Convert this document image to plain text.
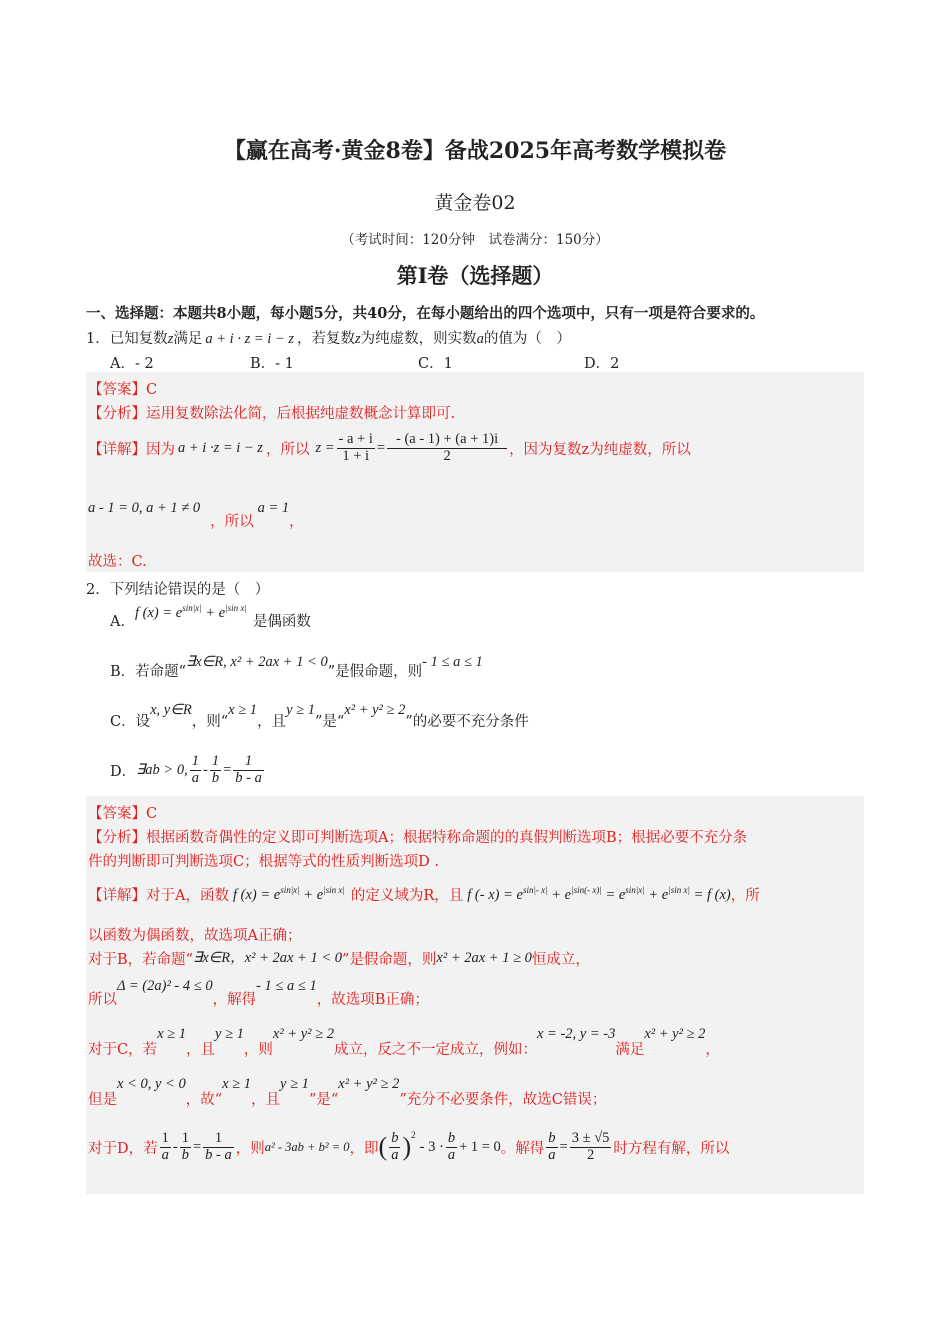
【赢在高考·黄金8卷】备战2025年高考数学模拟卷
黄金卷02
（考试时间：120分钟　试卷满分：150分）
第I卷（选择题）
一、选择题：本题共8小题，每小题5分，共40分，在每小题给出的四个选项中，只有一项是符合要求的。
1．已知复数z满足 a + i · z = i − z ，若复数z为纯虚数，则实数a的值为（　）
A．- 2	B．- 1	C．1	D．2
【答案】C
【分析】运用复数除法化简，后根据纯虚数概念计算即可.
【详解】 因为 a + i ·z = i − z ，所以 $z = \frac{- a + i}{1 + i} = \frac{- (a - 1) + (a + 1)i}{2}$ ，因为复数z为纯虚数，所以
a - 1 = 0, a + 1 ≠ 0，所以a = 1，
故选：C.
2．下列结论错误的是（　）
A．
f $(x) = e^{sin|x|} + e^{|sin x|}$
是偶函数
B．若命题“
∃x∈R, x² + 2ax + 1 < 0
”是假命题，则
- 1 ≤ a ≤ 1
C．设
x, y∈R
，则“
x ≥ 1
，且
y ≥ 1
”是“
x² + y² ≥ 2
”的必要不充分条件
D． ∃ab > 0, $\frac{1}{a} - \frac{1}{b} = \frac{1}{b - a}$
【答案】C
【分析】根据函数奇偶性的定义即可判断选项A；根据特称命题的的真假判断选项B；根据必要不充分条
件的判断即可判断选项C；根据等式的性质判断选项D .
【详解】 对于A，函数 f $(x) = e^{sin|x|} + e^{|sin x|}$ 的定义域为R，且 f (- $x) = e^{sin|- x|} + e^{|sin(- x)|} = e^{sin|x|} + e^{|sin x|} = f$ (x) ，所
以函数为偶函数，故选项A正确；
对于B，若命题“∃x∈R，x² + 2ax + 1 < 0”是假命题，则x² + 2ax + 1 ≥ 0恒成立，
所以Δ = (2a)² - 4 ≤ 0，解得- 1 ≤ a ≤ 1，故选项B正确；
对于C，若x ≥ 1，且y ≥ 1，则x² + y² ≥ 2成立，反之不一定成立，例如：x = -2, y = -3满足x² + y² ≥ 2，
但是x < 0, y < 0，故“x ≥ 1，且y ≥ 1”是“x² + y² ≥ 2”充分不必要条件，故选C错误；
对于D，若 $\frac{1}{a} - \frac{1}{b} = \frac{1}{b - a}$ ，则 a² - 3ab + b² = 0 ，即 ( $\frac{b}{a} )^2$
- $3 \cdot \frac{b}{a} + 1 = 0$ 。解得 $\frac{b}{a} = \frac{3 \pm √5}{2}$ 时方程有解，所以
